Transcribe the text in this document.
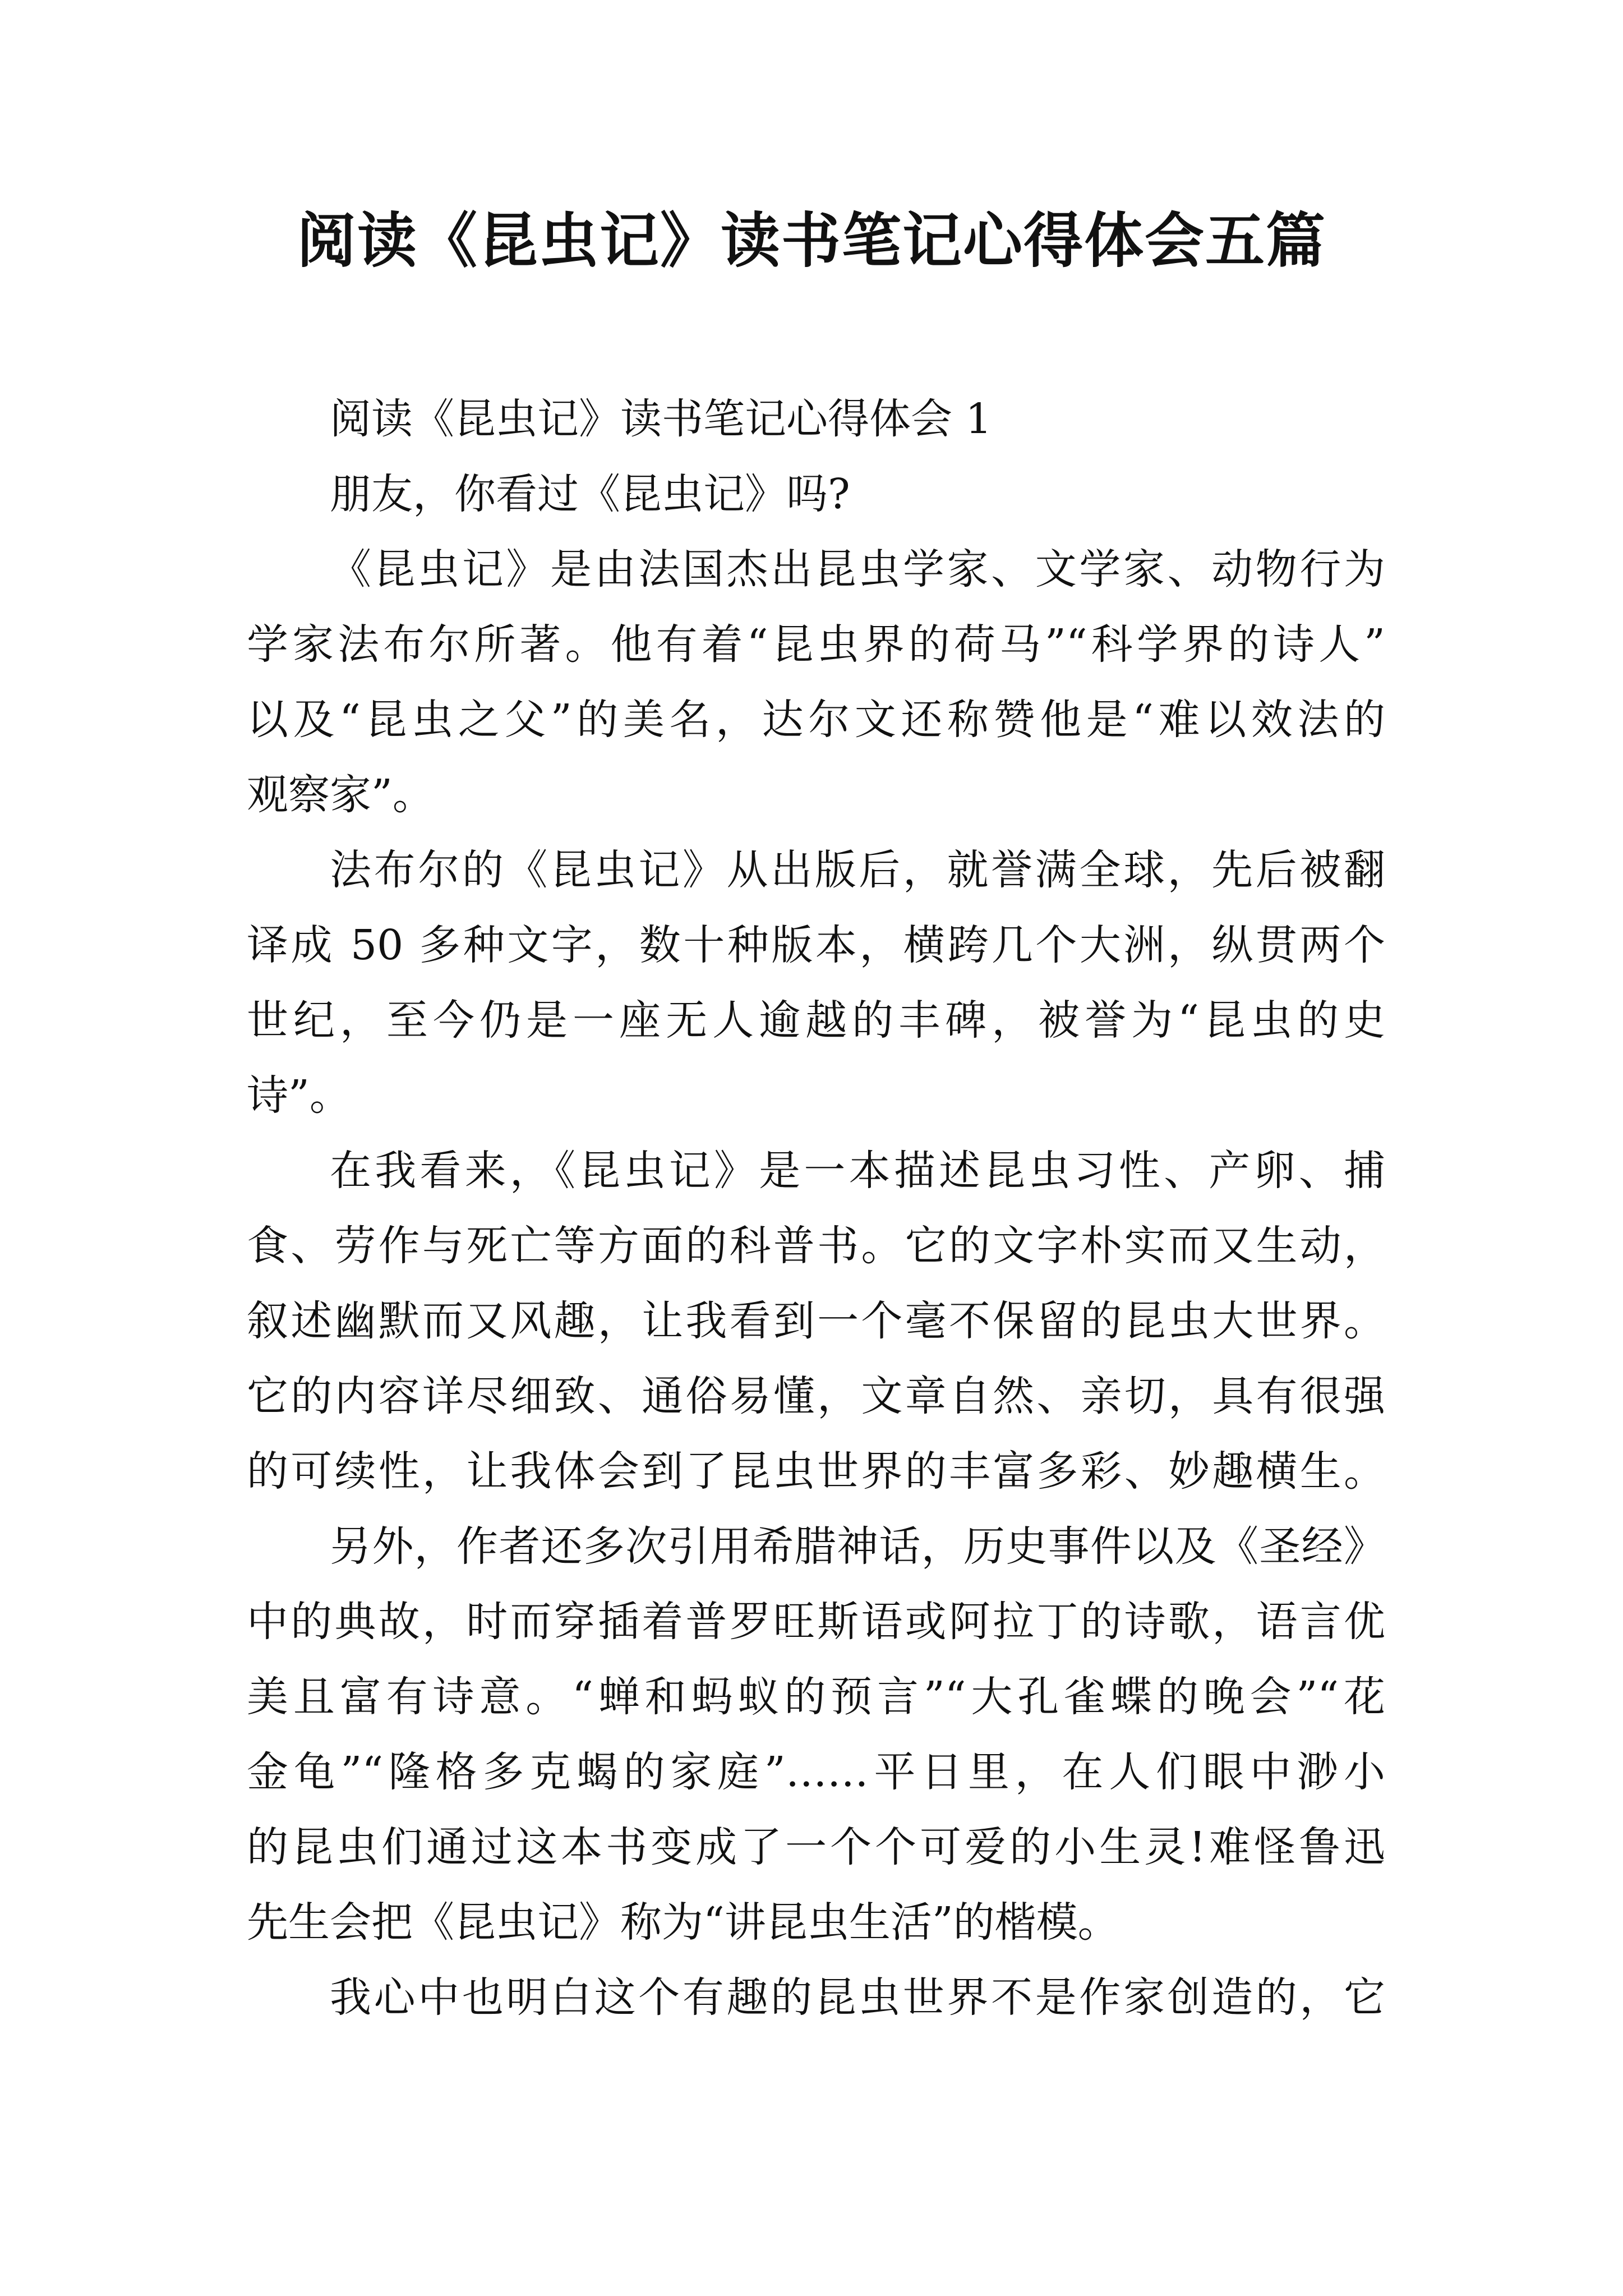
阅读《昆虫记》读书笔记心得体会五篇
阅读《昆虫记》读书笔记心得体会 1
朋友，你看过《昆虫记》吗?
《昆虫记》是由法国杰出昆虫学家、文学家、动物行为
学家法布尔所著。他有着“昆虫界的荷马”“科学界的诗人”
以及“昆虫之父”的美名，达尔文还称赞他是“难以效法的
观察家”。
法布尔的《昆虫记》从出版后，就誉满全球，先后被翻
译成 50 多种文字，数十种版本，横跨几个大洲，纵贯两个
世纪，至今仍是一座无人逾越的丰碑，被誉为“昆虫的史
诗”。
在我看来，《昆虫记》是一本描述昆虫习性、产卵、捕
食、劳作与死亡等方面的科普书。它的文字朴实而又生动，
叙述幽默而又风趣，让我看到一个毫不保留的昆虫大世界。
它的内容详尽细致、通俗易懂，文章自然、亲切，具有很强
的可续性，让我体会到了昆虫世界的丰富多彩、妙趣横生。
另外，作者还多次引用希腊神话，历史事件以及《圣经》
中的典故，时而穿插着普罗旺斯语或阿拉丁的诗歌，语言优
美且富有诗意。“蝉和蚂蚁的预言”“大孔雀蝶的晚会”“花
金龟”“隆格多克蝎的家庭”……平日里，在人们眼中渺小
的昆虫们通过这本书变成了一个个可爱的小生灵!难怪鲁迅
先生会把《昆虫记》称为“讲昆虫生活”的楷模。
我心中也明白这个有趣的昆虫世界不是作家创造的，它
